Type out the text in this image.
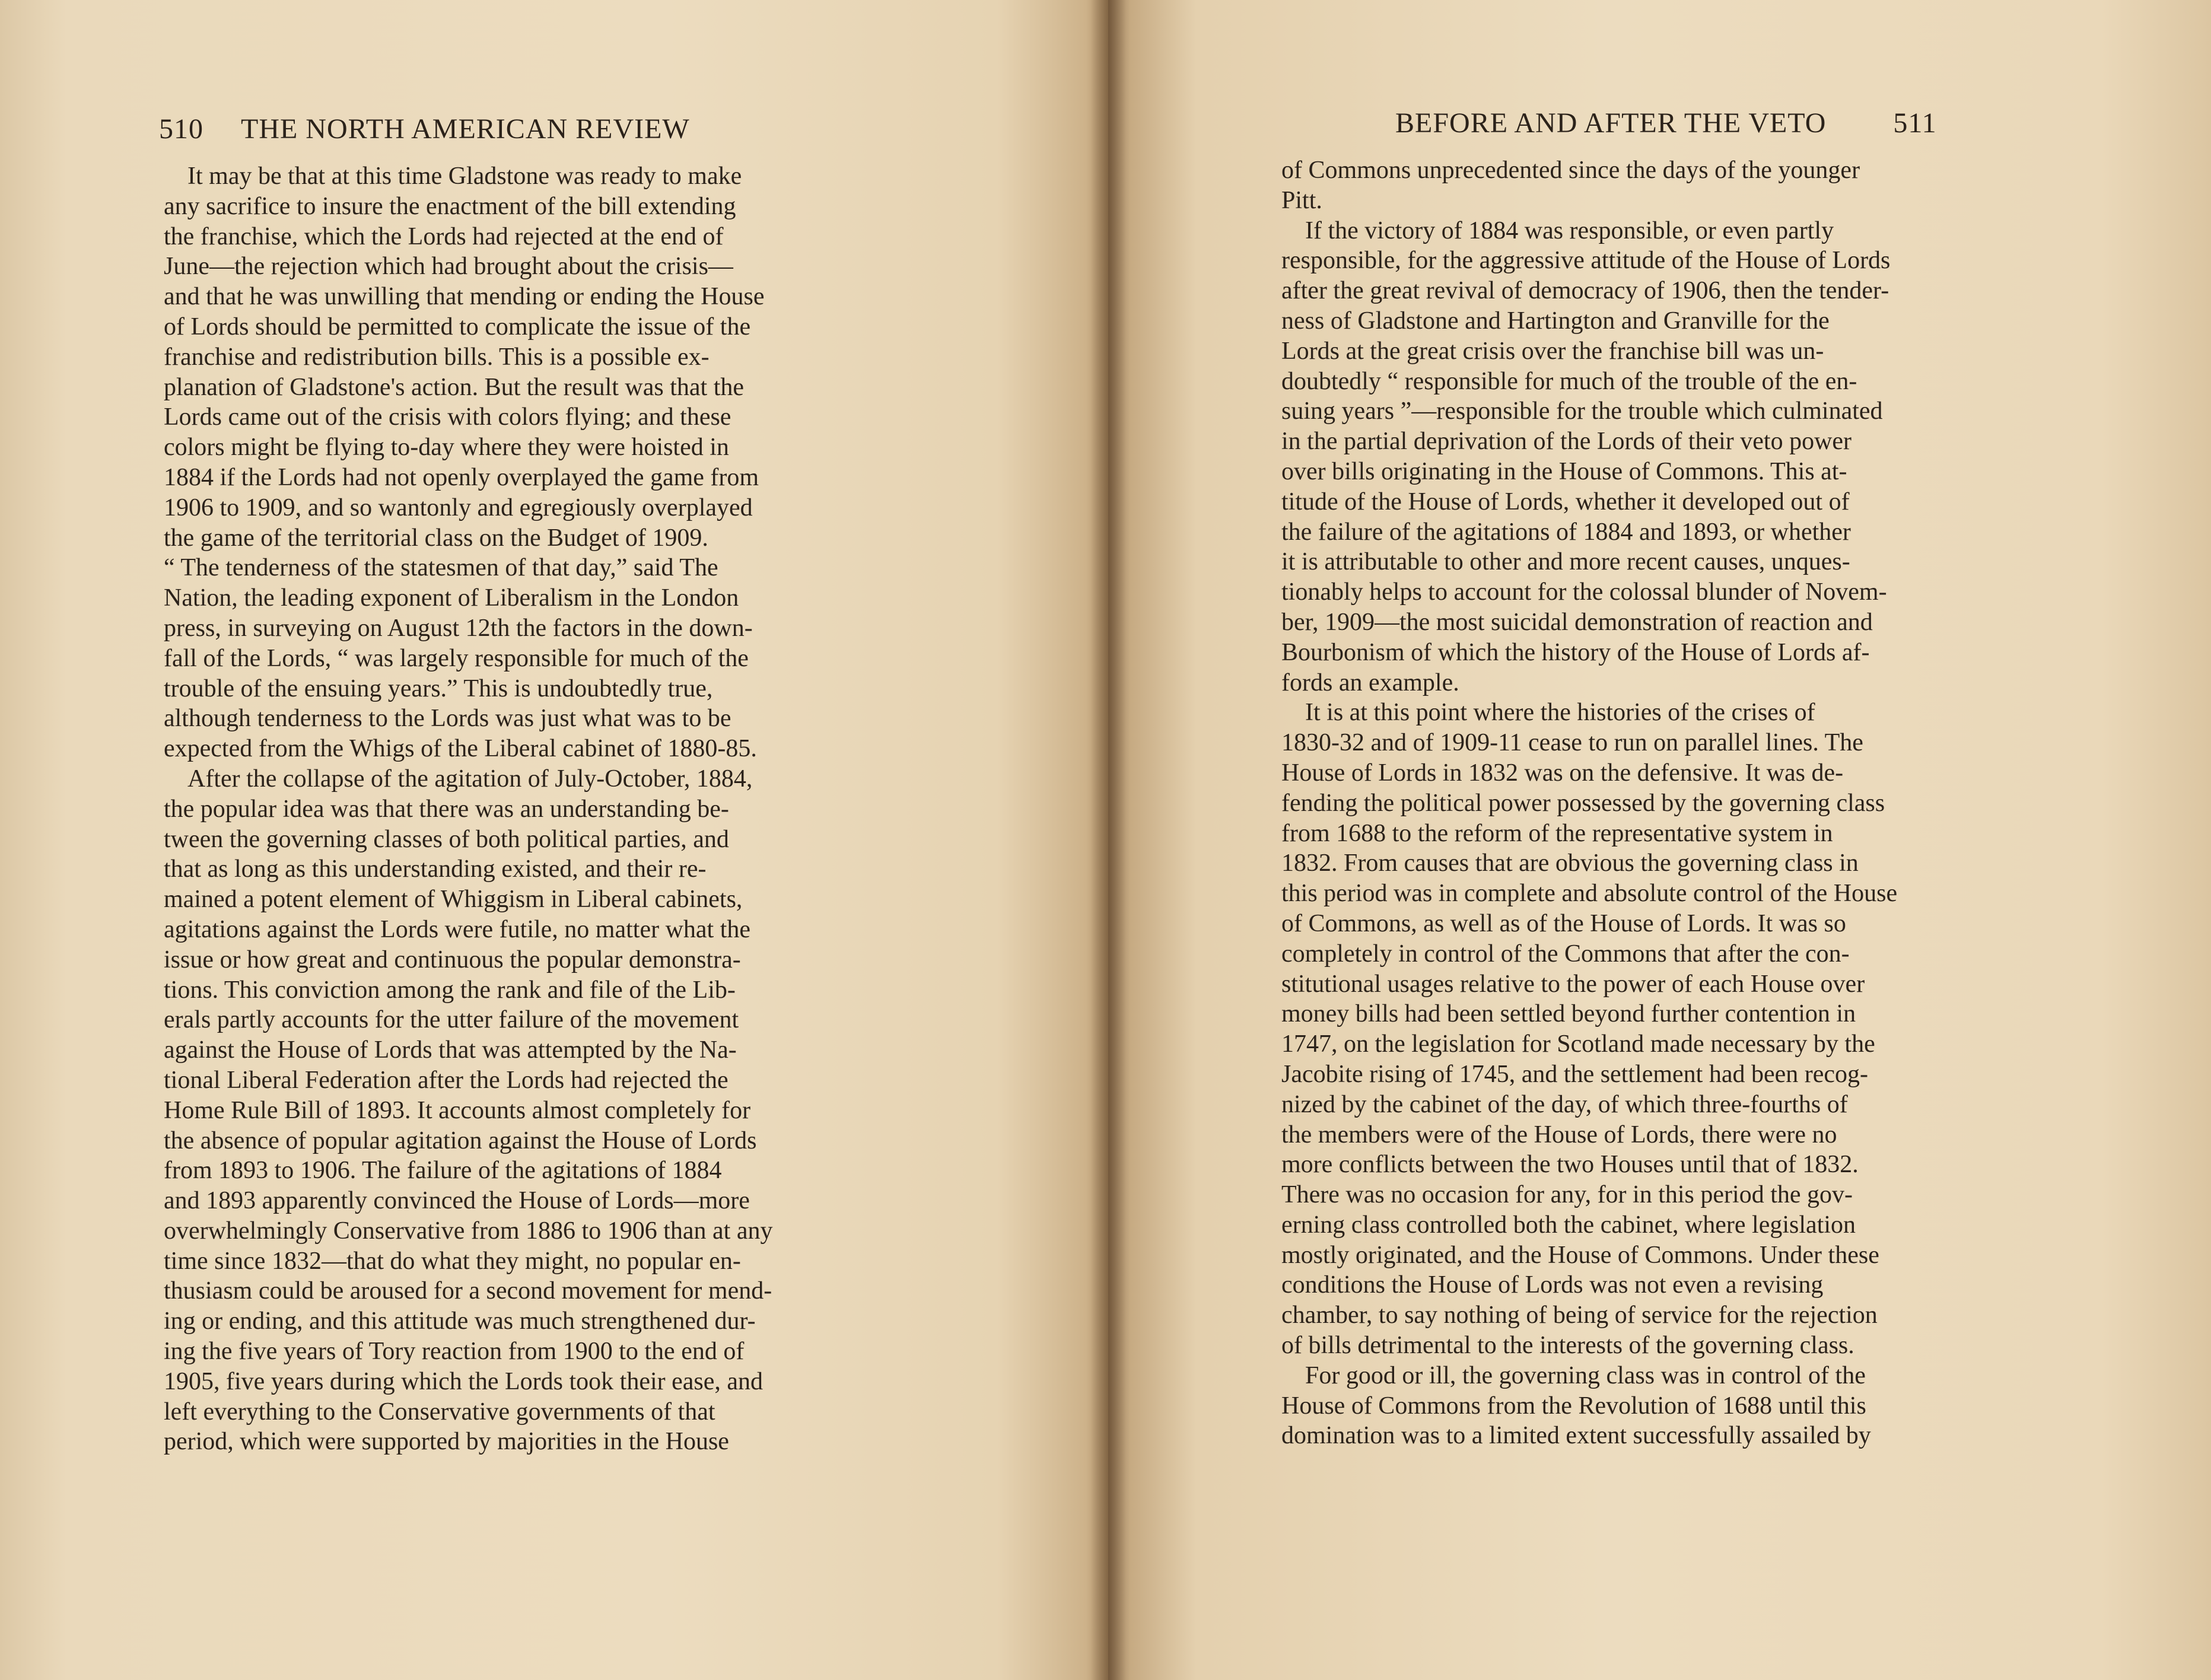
510 THE NORTH AMERICAN REVIEW
It may be that at this time Gladstone was ready to make
any sacrifice to insure the enactment of the bill extending
the franchise, which the Lords had rejected at the end of
June—the rejection which had brought about the crisis—
and that he was unwilling that mending or ending the House
of Lords should be permitted to complicate the issue of the
franchise and redistribution bills. This is a possible ex-
planation of Gladstone's action. But the result was that the
Lords came out of the crisis with colors flying; and these
colors might be flying to-day where they were hoisted in
1884 if the Lords had not openly overplayed the game from
1906 to 1909, and so wantonly and egregiously overplayed
the game of the territorial class on the Budget of 1909.
“ The tenderness of the statesmen of that day,” said The
Nation, the leading exponent of Liberalism in the London
press, in surveying on August 12th the factors in the down-
fall of the Lords, “ was largely responsible for much of the
trouble of the ensuing years.” This is undoubtedly true,
although tenderness to the Lords was just what was to be
expected from the Whigs of the Liberal cabinet of 1880-85.
After the collapse of the agitation of July-October, 1884,
the popular idea was that there was an understanding be-
tween the governing classes of both political parties, and
that as long as this understanding existed, and their re-
mained a potent element of Whiggism in Liberal cabinets,
agitations against the Lords were futile, no matter what the
issue or how great and continuous the popular demonstra-
tions. This conviction among the rank and file of the Lib-
erals partly accounts for the utter failure of the movement
against the House of Lords that was attempted by the Na-
tional Liberal Federation after the Lords had rejected the
Home Rule Bill of 1893. It accounts almost completely for
the absence of popular agitation against the House of Lords
from 1893 to 1906. The failure of the agitations of 1884
and 1893 apparently convinced the House of Lords—more
overwhelmingly Conservative from 1886 to 1906 than at any
time since 1832—that do what they might, no popular en-
thusiasm could be aroused for a second movement for mend-
ing or ending, and this attitude was much strengthened dur-
ing the five years of Tory reaction from 1900 to the end of
1905, five years during which the Lords took their ease, and
left everything to the Conservative governments of that
period, which were supported by majorities in the House
BEFORE AND AFTER THE VETO 511
of Commons unprecedented since the days of the younger
Pitt.
If the victory of 1884 was responsible, or even partly
responsible, for the aggressive attitude of the House of Lords
after the great revival of democracy of 1906, then the tender-
ness of Gladstone and Hartington and Granville for the
Lords at the great crisis over the franchise bill was un-
doubtedly “ responsible for much of the trouble of the en-
suing years ”—responsible for the trouble which culminated
in the partial deprivation of the Lords of their veto power
over bills originating in the House of Commons. This at-
titude of the House of Lords, whether it developed out of
the failure of the agitations of 1884 and 1893, or whether
it is attributable to other and more recent causes, unques-
tionably helps to account for the colossal blunder of Novem-
ber, 1909—the most suicidal demonstration of reaction and
Bourbonism of which the history of the House of Lords af-
fords an example.
It is at this point where the histories of the crises of
1830-32 and of 1909-11 cease to run on parallel lines. The
House of Lords in 1832 was on the defensive. It was de-
fending the political power possessed by the governing class
from 1688 to the reform of the representative system in
1832. From causes that are obvious the governing class in
this period was in complete and absolute control of the House
of Commons, as well as of the House of Lords. It was so
completely in control of the Commons that after the con-
stitutional usages relative to the power of each House over
money bills had been settled beyond further contention in
1747, on the legislation for Scotland made necessary by the
Jacobite rising of 1745, and the settlement had been recog-
nized by the cabinet of the day, of which three-fourths of
the members were of the House of Lords, there were no
more conflicts between the two Houses until that of 1832.
There was no occasion for any, for in this period the gov-
erning class controlled both the cabinet, where legislation
mostly originated, and the House of Commons. Under these
conditions the House of Lords was not even a revising
chamber, to say nothing of being of service for the rejection
of bills detrimental to the interests of the governing class.
For good or ill, the governing class was in control of the
House of Commons from the Revolution of 1688 until this
domination was to a limited extent successfully assailed by
